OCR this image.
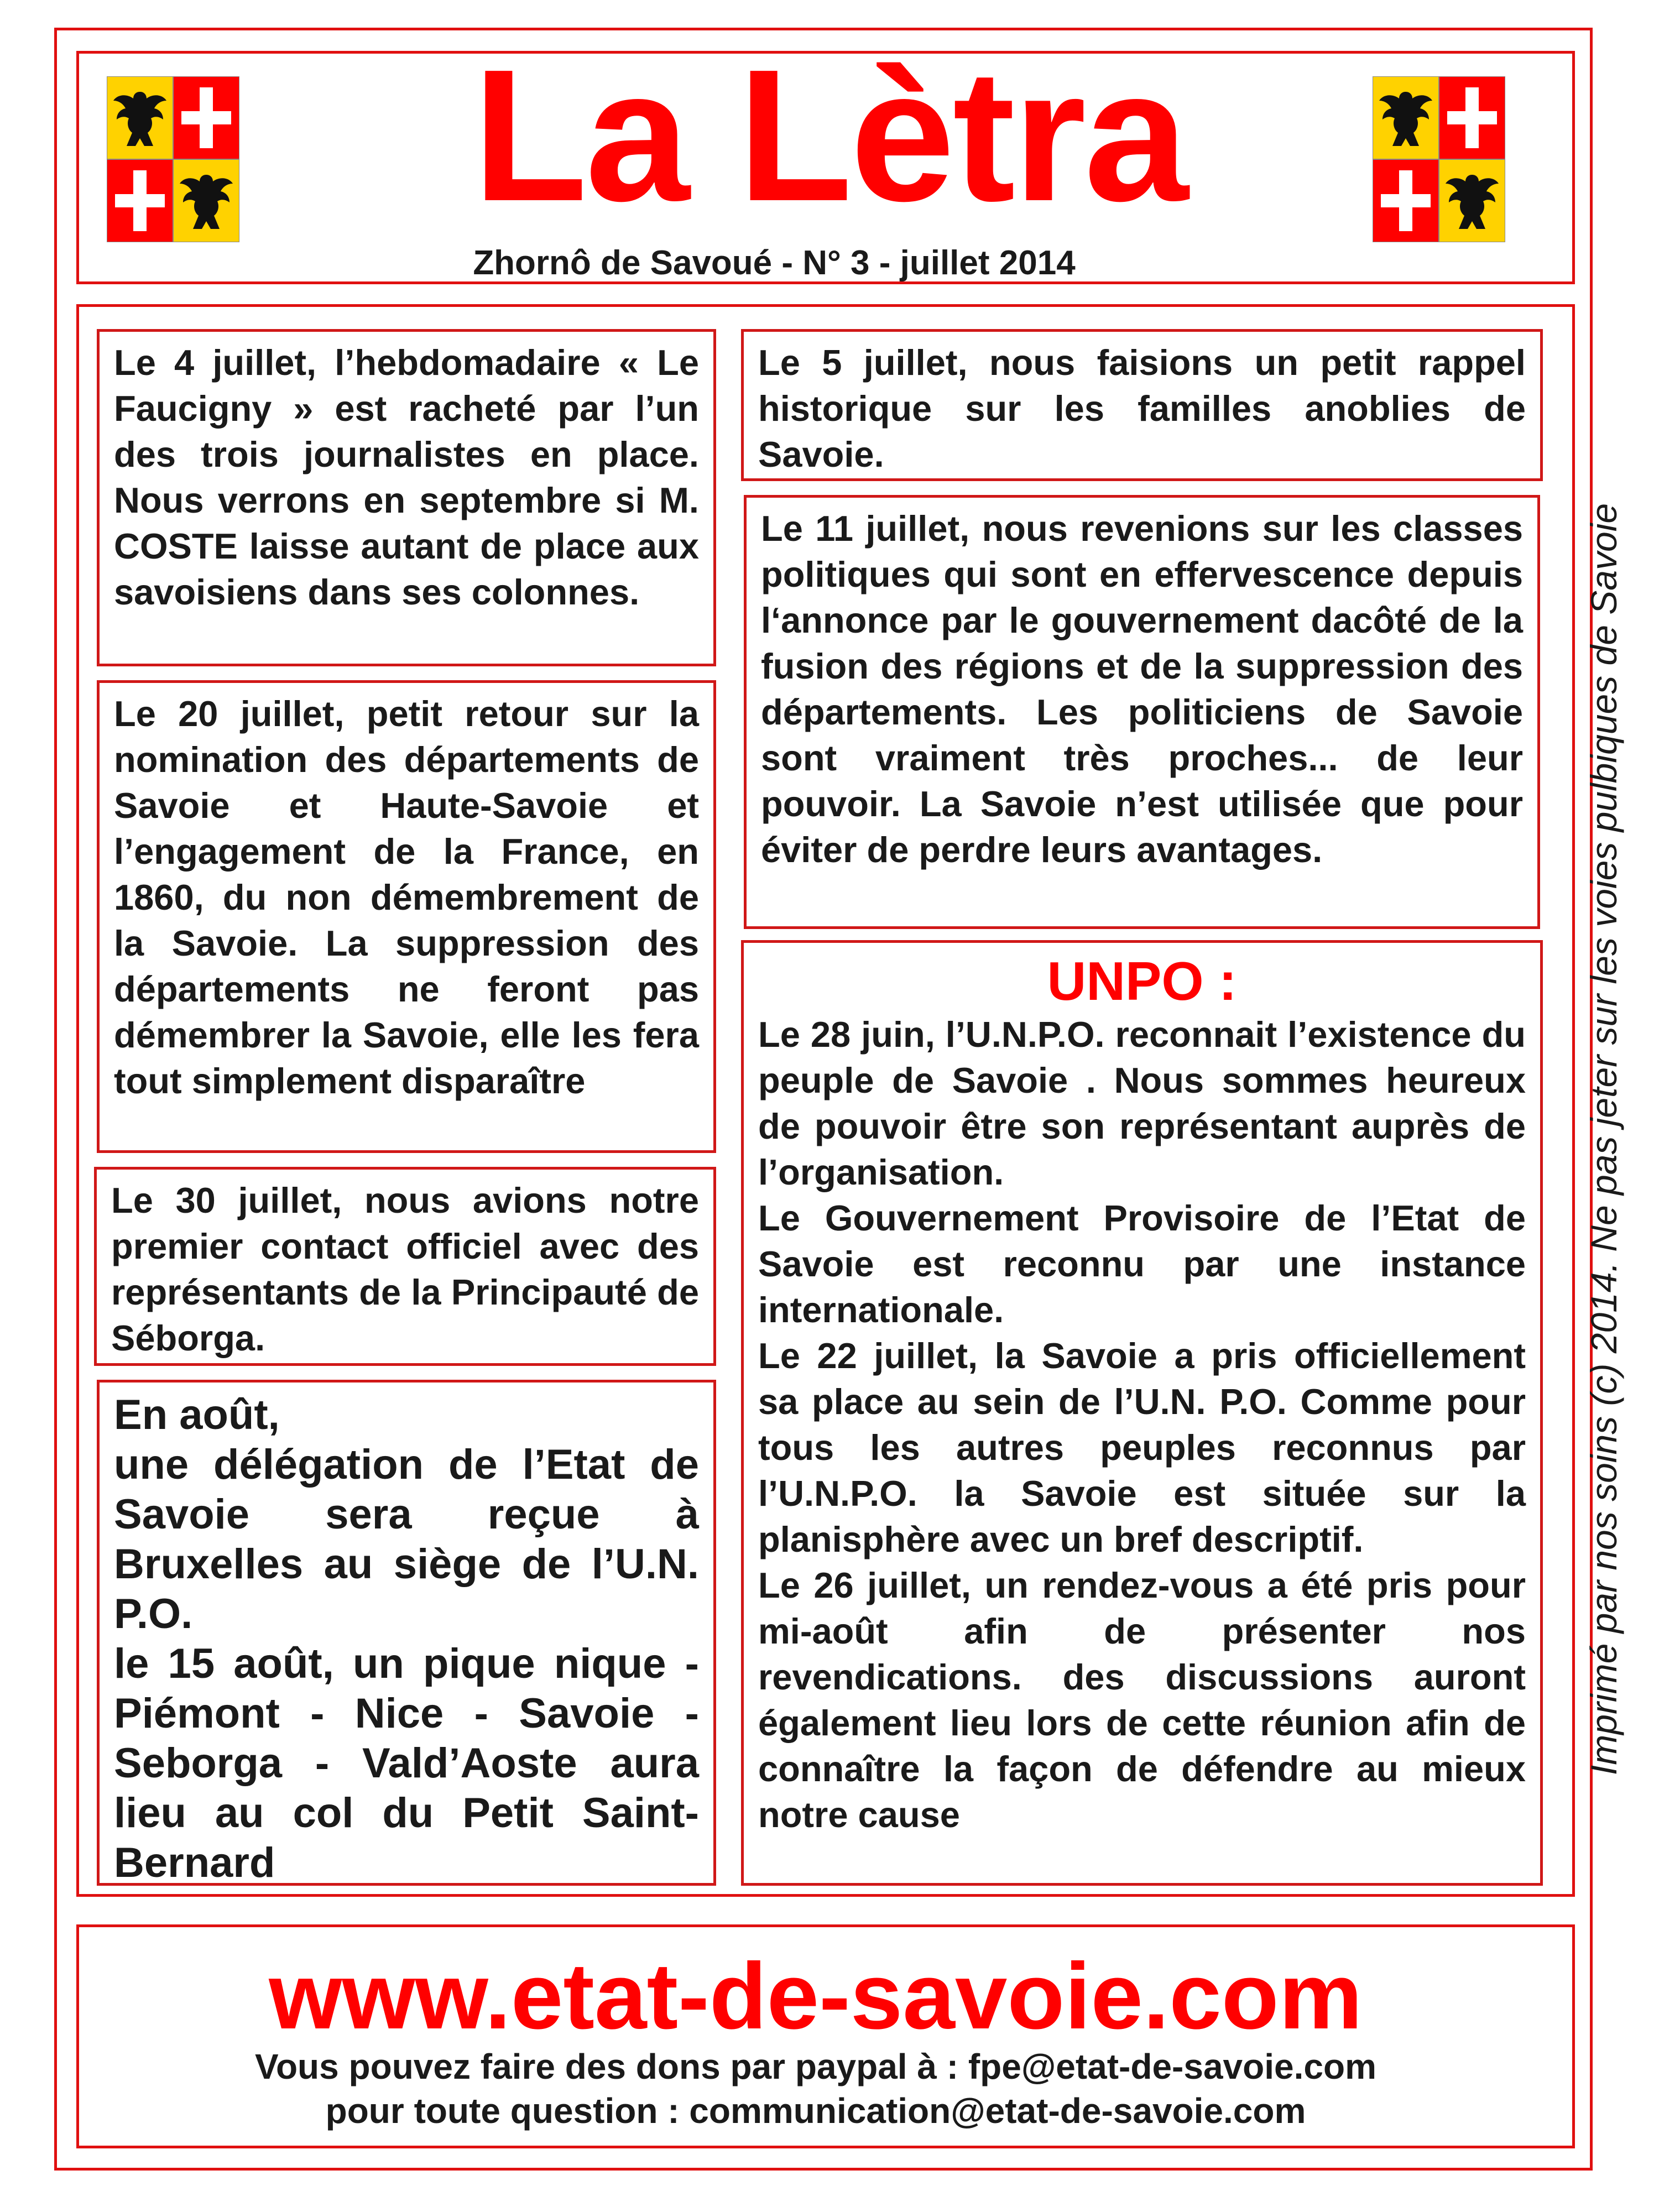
La Lètra
Zhornô de Savoué - N° 3 - juillet 2014

Le 4 juillet, l’hebdomadaire « Le Faucigny » est racheté par l’un des trois journalistes en place. Nous verrons en septembre si M. COSTE laisse autant de place aux savoisiens dans ses colonnes.

Le 20 juillet, petit retour sur la nomination des départements de Savoie et Haute-Savoie et l’engagement de la France, en 1860, du non démembrement de la Savoie. La suppression des départements ne feront pas démembrer la Savoie, elle les fera tout simplement disparaître

Le 30 juillet, nous avions notre premier contact officiel avec des représentants de la Principauté de Séborga.

En août,

une délégation de l’Etat de Savoie sera reçue à Bruxelles au siège de l’U.N. P.O.

le 15 août, un pique nique - Piémont - Nice - Savoie - Seborga - Vald’Aoste aura lieu au col du Petit Saint-Bernard

Le 5 juillet, nous faisions un petit rappel historique sur les familles anoblies de Savoie.

Le 11 juillet, nous revenions sur les classes politiques qui sont en effervescence depuis l‘annonce par le gouvernement dacôté de la fusion des régions et de la suppression des départements. Les politiciens de Savoie sont vraiment très proches... de leur pouvoir. La Savoie n’est utilisée que pour éviter de perdre leurs avantages.

UNPO :

Le 28 juin, l’U.N.P.O. reconnait l’existence du peuple de Savoie . Nous sommes heureux de pouvoir être son représentant auprès de l’organisation.

Le Gouvernement Provisoire de l’Etat de Savoie est reconnu par une instance internationale.

Le 22 juillet, la Savoie a pris officiellement sa place au sein de l’U.N. P.O. Comme pour tous les autres peuples reconnus par l’U.N.P.O. la Savoie est située sur la planisphère avec un bref descriptif.

Le 26 juillet, un rendez-vous a été pris pour mi-août afin de présenter nos revendications. des discussions auront également lieu lors de cette réunion afin de connaître la façon de défendre au mieux notre cause

Imprimé par nos soins (c) 2014. Ne pas jeter sur les voies pulbiques de Savoie
www.etat-de-savoie.com
Vous pouvez faire des dons par paypal à : fpe@etat-de-savoie.com
pour toute question : communication@etat-de-savoie.com
